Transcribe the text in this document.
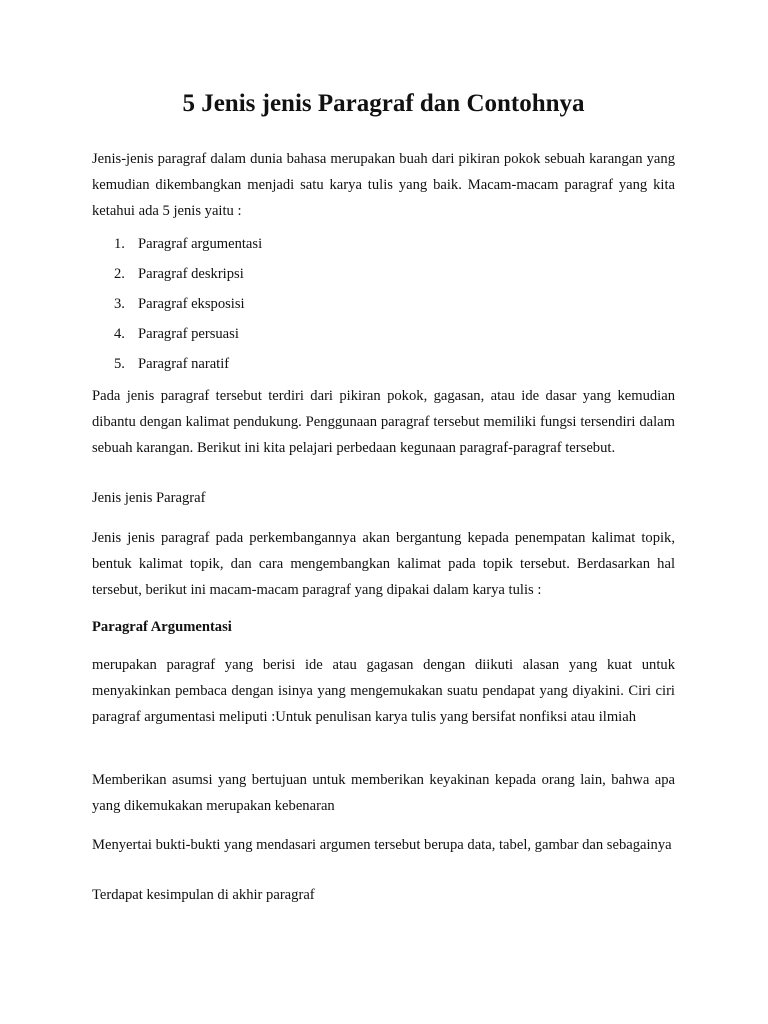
5 Jenis jenis Paragraf dan Contohnya

Jenis-jenis paragraf dalam dunia bahasa merupakan buah dari pikiran pokok sebuah karangan yang kemudian dikembangkan menjadi satu karya tulis yang baik. Macam-macam paragraf yang kita ketahui ada 5 jenis yaitu :

1. Paragraf argumentasi
2. Paragraf deskripsi
3. Paragraf eksposisi
4. Paragraf persuasi
5. Paragraf naratif

Pada jenis paragraf tersebut terdiri dari pikiran pokok, gagasan, atau ide dasar yang kemudian dibantu dengan kalimat pendukung. Penggunaan paragraf tersebut memiliki fungsi tersendiri dalam sebuah karangan. Berikut ini kita pelajari perbedaan kegunaan paragraf-paragraf tersebut.

Jenis jenis Paragraf

Jenis jenis paragraf pada perkembangannya akan bergantung kepada penempatan kalimat topik, bentuk kalimat topik, dan cara mengembangkan kalimat pada topik tersebut. Berdasarkan hal tersebut, berikut ini macam-macam paragraf yang dipakai dalam karya tulis :

Paragraf Argumentasi

merupakan paragraf yang berisi ide atau gagasan dengan diikuti alasan yang kuat untuk menyakinkan pembaca dengan isinya yang mengemukakan suatu pendapat yang diyakini. Ciri ciri paragraf argumentasi meliputi :Untuk penulisan karya tulis yang bersifat nonfiksi atau ilmiah

Memberikan asumsi yang bertujuan untuk memberikan keyakinan kepada orang lain, bahwa apa yang dikemukakan merupakan kebenaran

Menyertai bukti-bukti yang mendasari argumen tersebut berupa data, tabel, gambar dan sebagainya

Terdapat kesimpulan di akhir paragraf
